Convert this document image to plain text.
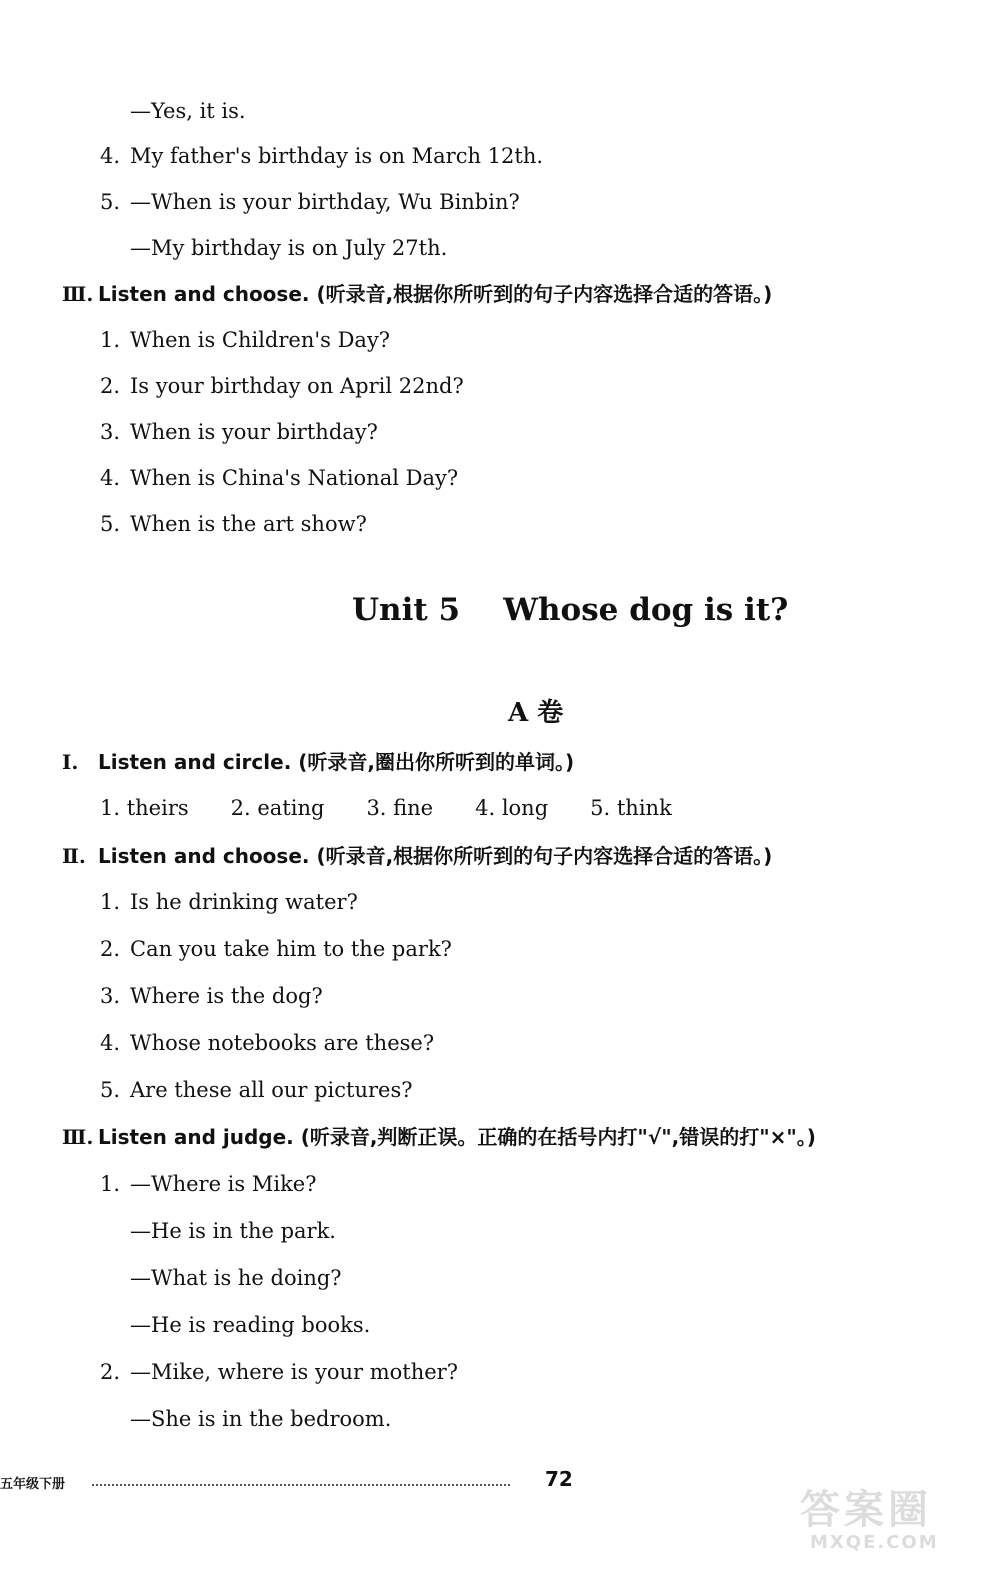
—Yes, it is.
4. My father's birthday is on March 12th.
5. —When is your birthday, Wu Binbin?
—My birthday is on July 27th.
Ⅲ. Listen and choose. (听录音,根据你所听到的句子内容选择合适的答语。)
1. When is Children's Day?
2. Is your birthday on April 22nd?
3. When is your birthday?
4. When is China's National Day?
5. When is the art show?
Unit 5    Whose dog is it?
A 卷
Ⅰ. Listen and circle. (听录音,圈出你所听到的单词。)
1. theirs 2. eating 3. fine 4. long 5. think
Ⅱ. Listen and choose. (听录音,根据你所听到的句子内容选择合适的答语。)
1. Is he drinking water?
2. Can you take him to the park?
3. Where is the dog?
4. Whose notebooks are these?
5. Are these all our pictures?
Ⅲ. Listen and judge. (听录音,判断正误。正确的在括号内打"√",错误的打"×"。)
1. —Where is Mike?
—He is in the park.
—What is he doing?
—He is reading books.
2. —Mike, where is your mother?
—She is in the bedroom.
五年级下册	72
答案圈
MXQE.COM
